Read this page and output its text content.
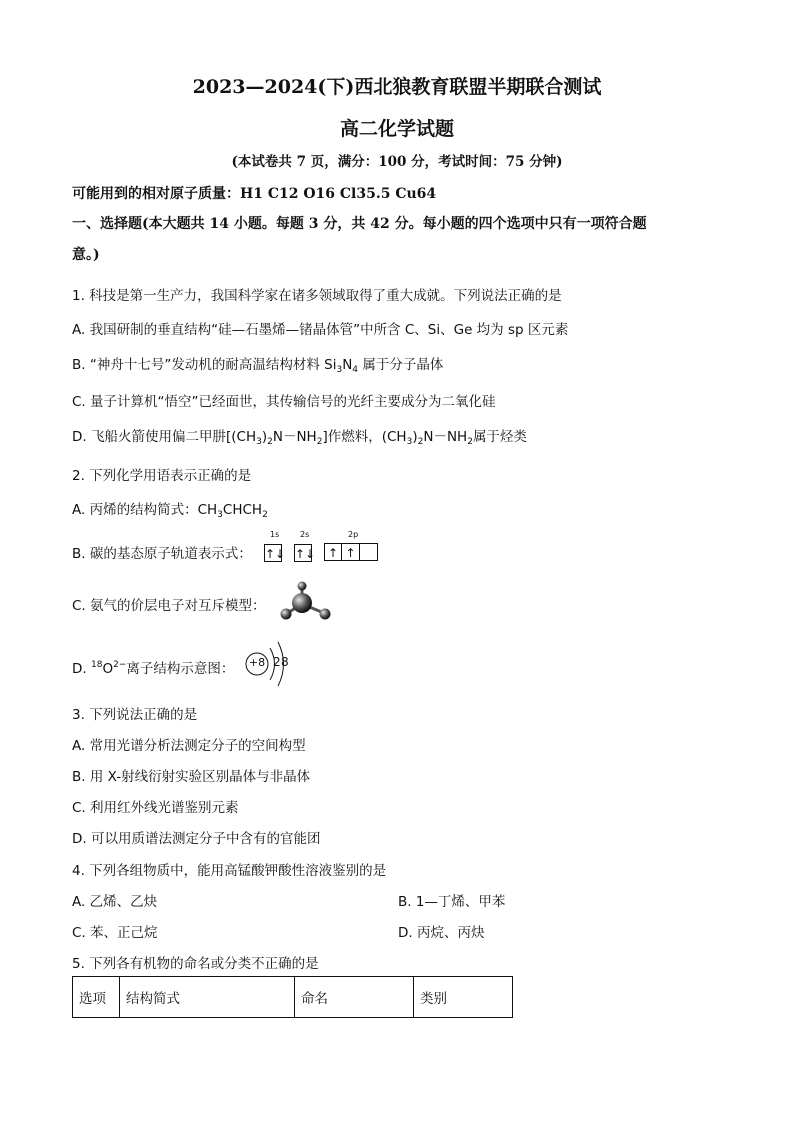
2023—2024(下)西北狼教育联盟半期联合测试
高二化学试题
(本试卷共 7 页，满分：100 分，考试时间：75 分钟)
可能用到的相对原子质量：H1 C12 O16 Cl35.5 Cu64
一、选择题(本大题共 14 小题。每题 3 分，共 42 分。每小题的四个选项中只有一项符合题
意。)
1. 科技是第一生产力，我国科学家在诸多领域取得了重大成就。下列说法正确的是
A. 我国研制的垂直结构“硅—石墨烯—锗晶体管”中所含 C、Si、Ge 均为 sp 区元素
B. “神舟十七号”发动机的耐高温结构材料 $Si_3N_4$ 属于分子晶体
C. 量子计算机“悟空”已经面世，其传输信号的光纤主要成分为二氧化硅
D. 飞船火箭使用偏二甲肼$[(CH_3)_2N-NH_2]$作燃料，$(CH_3)_2N-NH_2$属于烃类
2. 下列化学用语表示正确的是
A. 丙烯的结构简式：$CH_3CHCH_2$
B. 碳的基态原子轨道表示式：
1s	2s	2p
↑↓ ↑↓	↑ ↑
C. 氨气的价层电子对互斥模型：
D. $^{18}O^{2-}$离子结构示意图： +8 2 8
3. 下列说法正确的是
A. 常用光谱分析法测定分子的空间构型
B. 用 X-射线衍射实验区别晶体与非晶体
C. 利用红外线光谱鉴别元素
D. 可以用质谱法测定分子中含有的官能团
4. 下列各组物质中，能用高锰酸钾酸性溶液鉴别的是
A. 乙烯、乙炔	B. 1—丁烯、甲苯
C. 苯、正己烷	D. 丙烷、丙炔
5. 下列各有机物的命名或分类不正确的是
选项	结构简式	命名	类别
